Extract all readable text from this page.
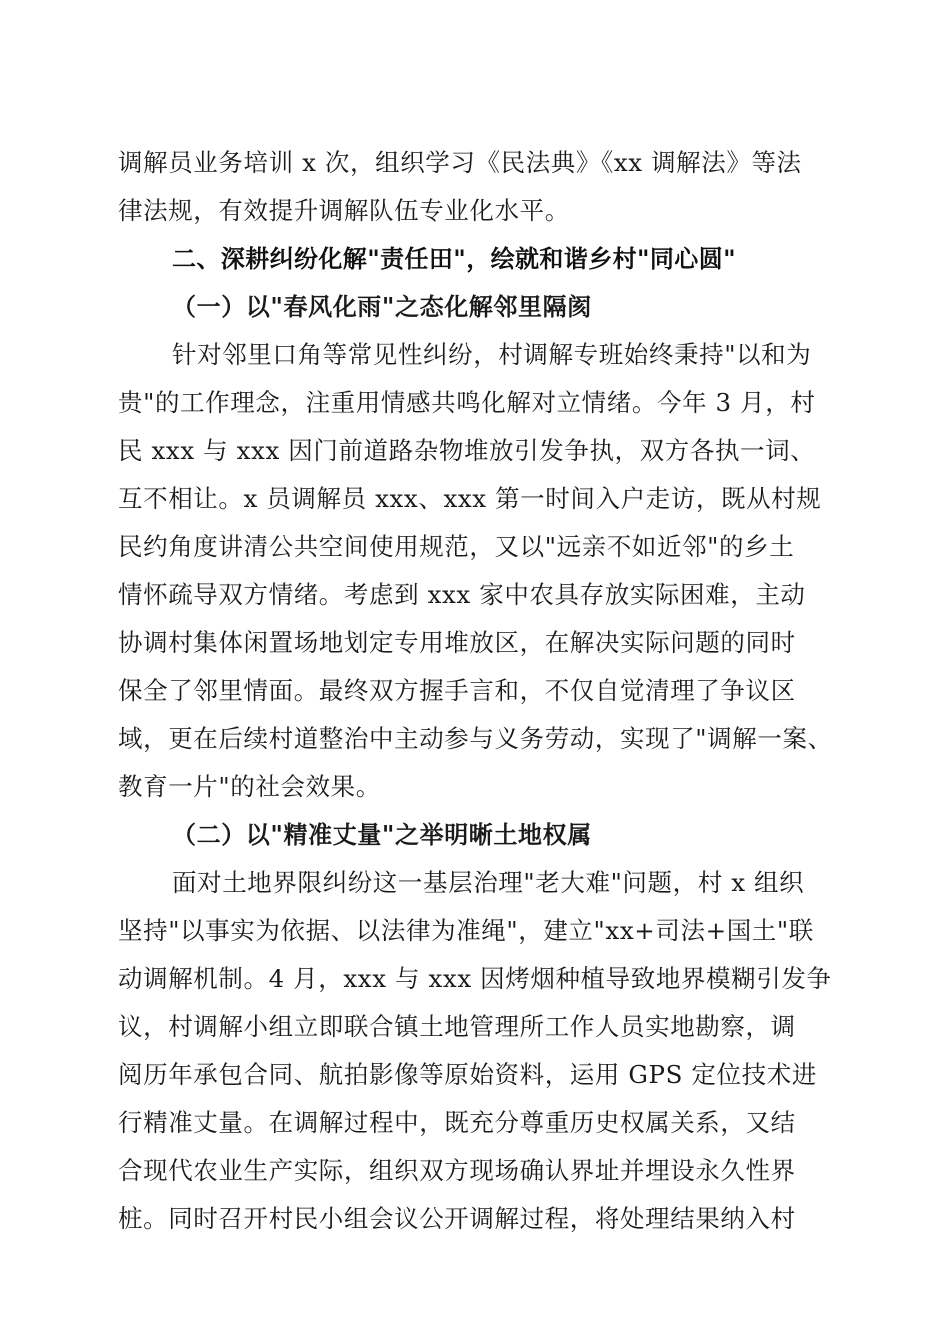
调解员业务培训 x 次，组织学习《民法典》《xx 调解法》等法
律法规，有效提升调解队伍专业化水平。
二、深耕纠纷化解"责任田"，绘就和谐乡村"同心圆"
（一）以"春风化雨"之态化解邻里隔阂
针对邻里口角等常见性纠纷，村调解专班始终秉持"以和为
贵"的工作理念，注重用情感共鸣化解对立情绪。今年 3 月，村
民 xxx 与 xxx 因门前道路杂物堆放引发争执，双方各执一词、
互不相让。x 员调解员 xxx、xxx 第一时间入户走访，既从村规
民约角度讲清公共空间使用规范，又以"远亲不如近邻"的乡土
情怀疏导双方情绪。考虑到 xxx 家中农具存放实际困难，主动
协调村集体闲置场地划定专用堆放区，在解决实际问题的同时
保全了邻里情面。最终双方握手言和，不仅自觉清理了争议区
域，更在后续村道整治中主动参与义务劳动，实现了"调解一案、
教育一片"的社会效果。
（二）以"精准丈量"之举明晰土地权属
面对土地界限纠纷这一基层治理"老大难"问题，村 x 组织
坚持"以事实为依据、以法律为准绳"，建立"xx+司法+国土"联
动调解机制。4 月，xxx 与 xxx 因烤烟种植导致地界模糊引发争
议，村调解小组立即联合镇土地管理所工作人员实地勘察，调
阅历年承包合同、航拍影像等原始资料，运用 GPS 定位技术进
行精准丈量。在调解过程中，既充分尊重历史权属关系，又结
合现代农业生产实际，组织双方现场确认界址并埋设永久性界
桩。同时召开村民小组会议公开调解过程，将处理结果纳入村
